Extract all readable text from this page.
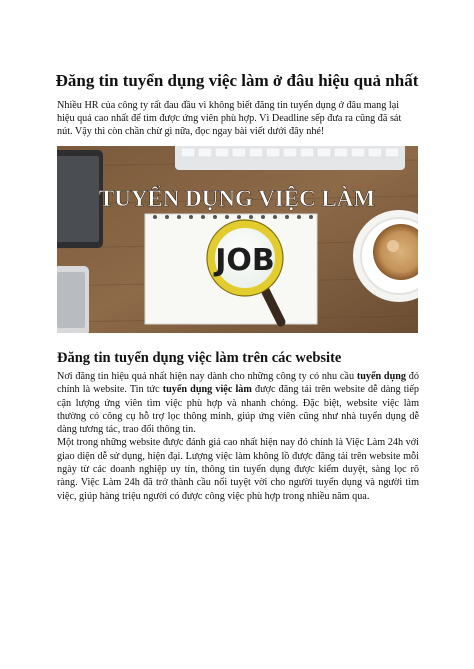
Đăng tin tuyển dụng việc làm ở đâu hiệu quả nhất

Nhiều HR của công ty rất đau đầu vì không biết đăng tin tuyển dụng ở đâu mang lại hiệu quả cao nhất để tìm được ứng viên phù hợp. Vì Deadline sếp đưa ra cũng đã sát nút. Vậy thì còn chần chừ gì nữa, đọc ngay bài viết dưới đây nhé!

TUYỂN DỤNG VIỆC LÀM
JOB
Đăng tin tuyển dụng việc làm trên các website

Nơi đăng tin hiệu quả nhất hiện nay dành cho những công ty có nhu cầu tuyển dụng đó chính là website. Tin tức tuyển dụng việc làm được đăng tải trên website dễ dàng tiếp cận lượng ứng viên tìm việc phù hợp và nhanh chóng. Đặc biệt, website việc làm thường có công cụ hỗ trợ lọc thông minh, giúp ứng viên cũng như nhà tuyển dụng dễ dàng tương tác, trao đổi thông tin.

Một trong những website được đánh giá cao nhất hiện nay đó chính là Việc Làm 24h với giao diện dễ sử dụng, hiện đại. Lượng việc làm không lồ được đăng tải trên website mỗi ngày từ các doanh nghiệp uy tín, thông tin tuyển dụng được kiểm duyệt, sàng lọc rõ ràng. Việc Làm 24h đã trở thành cầu nối tuyệt vời cho người tuyển dụng và người tìm việc, giúp hàng triệu người có được công việc phù hợp trong nhiều năm qua.
